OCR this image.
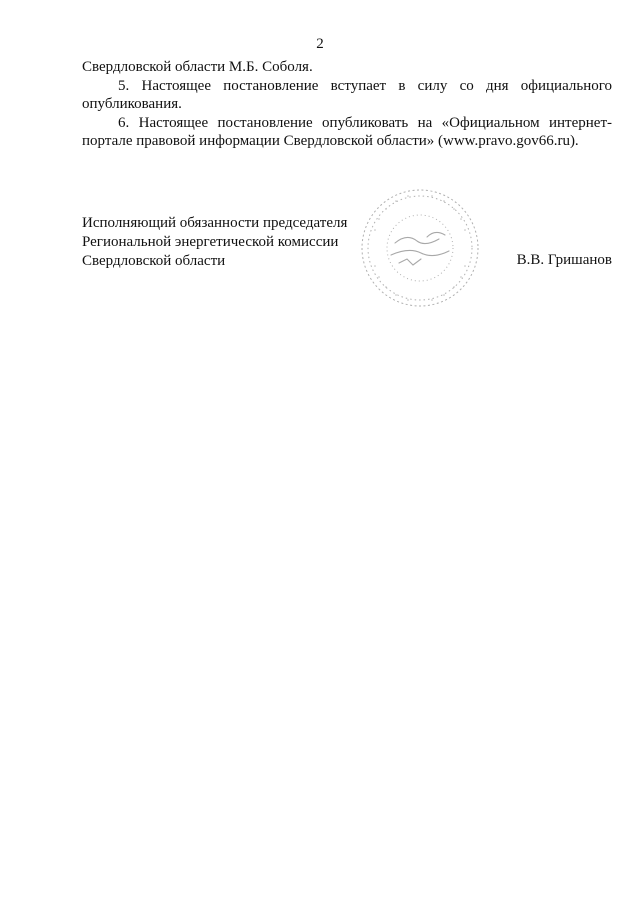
2

Свердловской области М.Б. Соболя.

5. Настоящее постановление вступает в силу со дня официального опубликования.

6. Настоящее постановление опубликовать на «Официальном интернет-портале правовой информации Свердловской области» (www.pravo.gov66.ru).

Исполняющий обязанности председателя
Региональной энергетической комиссии
Свердловской области	В.В. Гришанов
